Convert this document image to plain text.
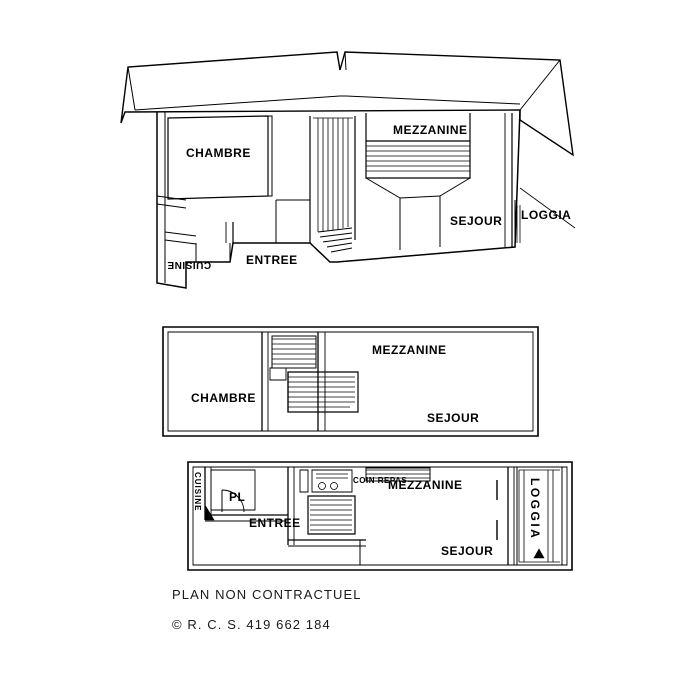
CHAMBRE
MEZZANINE
SEJOUR LOGGIA
CUISINE	ENTREE
CHAMBRE
MEZZANINE
SEJOUR
CUISINE PL
COIN REPAS
MEZZANINE
ENTREE
SEJOUR
LOGGIA
PLAN NON CONTRACTUEL
© R. C. S. 419 662 184
